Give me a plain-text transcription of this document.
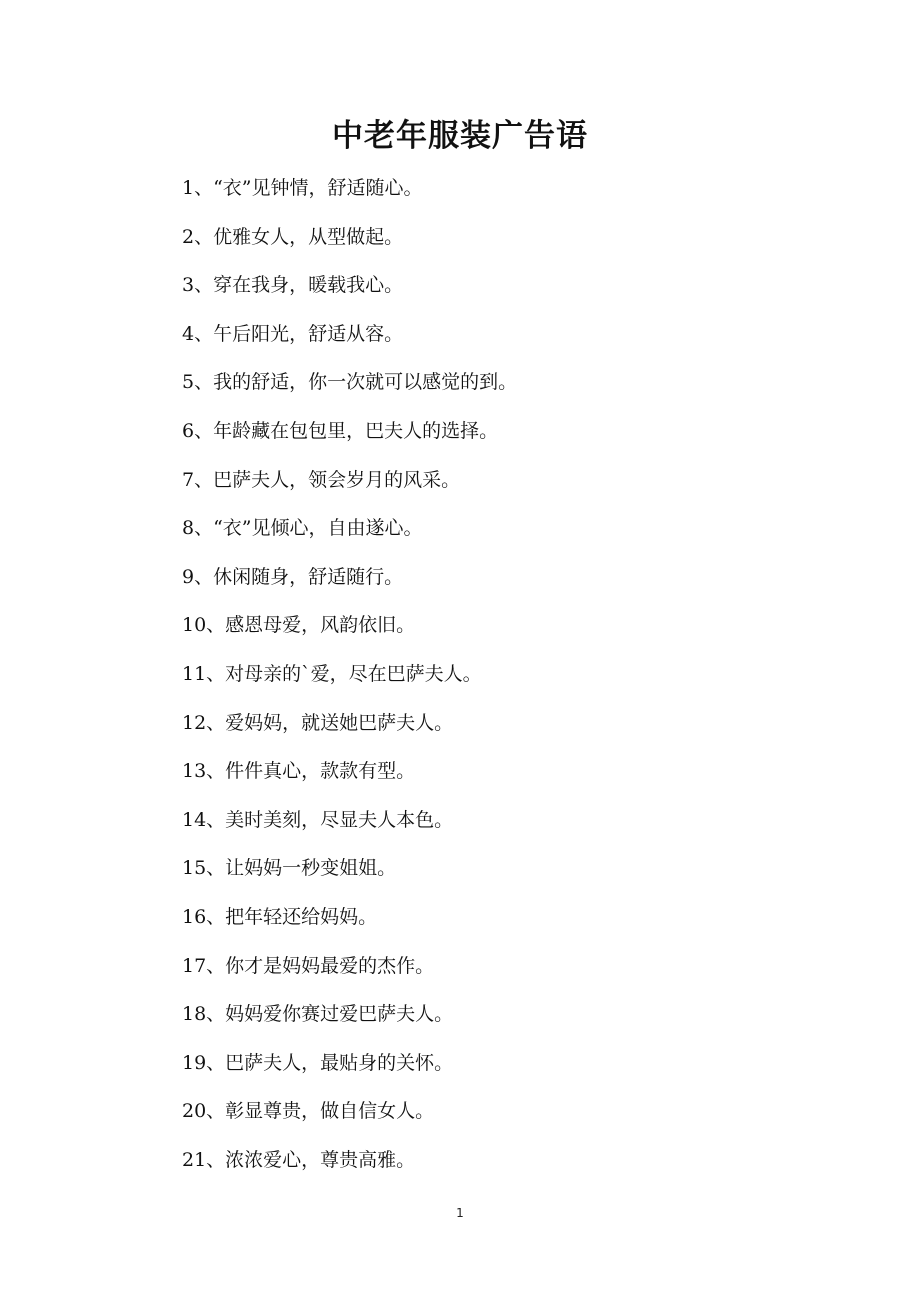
中老年服装广告语
1、“衣”见钟情，舒适随心。
2、优雅女人，从型做起。
3、穿在我身，暖载我心。
4、午后阳光，舒适从容。
5、我的舒适，你一次就可以感觉的到。
6、年龄藏在包包里，巴夫人的选择。
7、巴萨夫人，领会岁月的风采。
8、“衣”见倾心，自由遂心。
9、休闲随身，舒适随行。
10、感恩母爱，风韵依旧。
11、对母亲的`爱，尽在巴萨夫人。
12、爱妈妈，就送她巴萨夫人。
13、件件真心，款款有型。
14、美时美刻，尽显夫人本色。
15、让妈妈一秒变姐姐。
16、把年轻还给妈妈。
17、你才是妈妈最爱的杰作。
18、妈妈爱你赛过爱巴萨夫人。
19、巴萨夫人，最贴身的关怀。
20、彰显尊贵，做自信女人。
21、浓浓爱心，尊贵高雅。
1
